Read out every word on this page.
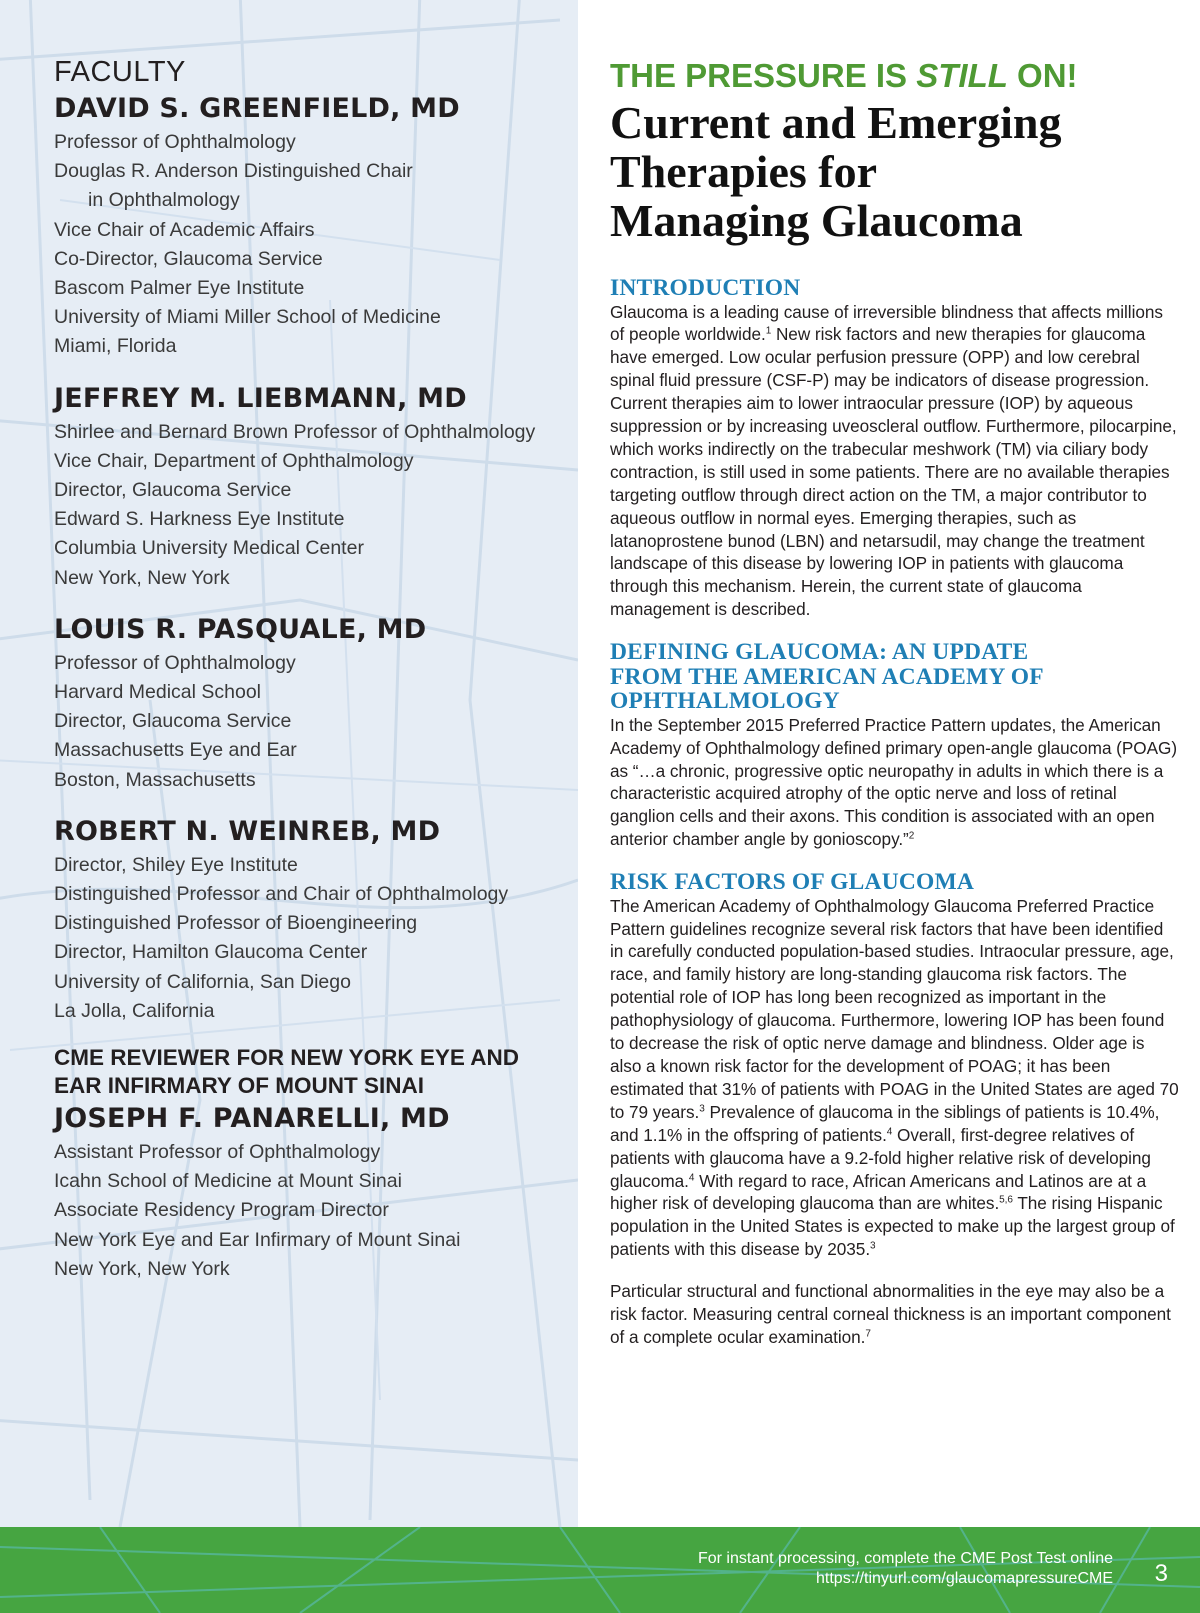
FACULTY
DAVID S. GREENFIELD, MD
Professor of Ophthalmology
Douglas R. Anderson Distinguished Chair
in Ophthalmology
Vice Chair of Academic Affairs
Co-Director, Glaucoma Service
Bascom Palmer Eye Institute
University of Miami Miller School of Medicine
Miami, Florida
JEFFREY M. LIEBMANN, MD
Shirlee and Bernard Brown Professor of Ophthalmology
Vice Chair, Department of Ophthalmology
Director, Glaucoma Service
Edward S. Harkness Eye Institute
Columbia University Medical Center
New York, New York
LOUIS R. PASQUALE, MD
Professor of Ophthalmology
Harvard Medical School
Director, Glaucoma Service
Massachusetts Eye and Ear
Boston, Massachusetts
ROBERT N. WEINREB, MD
Director, Shiley Eye Institute
Distinguished Professor and Chair of Ophthalmology
Distinguished Professor of Bioengineering
Director, Hamilton Glaucoma Center
University of California, San Diego
La Jolla, California
CME REVIEWER FOR NEW YORK EYE AND
EAR INFIRMARY OF MOUNT SINAI
JOSEPH F. PANARELLI, MD
Assistant Professor of Ophthalmology
Icahn School of Medicine at Mount Sinai
Associate Residency Program Director
New York Eye and Ear Infirmary of Mount Sinai
New York, New York
THE PRESSURE IS STILL ON!
Current and Emerging
Therapies for
Managing Glaucoma
INTRODUCTION

Glaucoma is a leading cause of irreversible blindness that affects millions of people worldwide.$^1$ New risk factors and new therapies for glaucoma have emerged. Low ocular perfusion pressure (OPP) and low cerebral spinal fluid pressure (CSF-P) may be indicators of disease progression. Current therapies aim to lower intraocular pressure (IOP) by aqueous suppression or by increasing uveoscleral outflow. Furthermore, pilocarpine, which works indirectly on the trabecular meshwork (TM) via ciliary body contraction, is still used in some patients. There are no available therapies targeting outflow through direct action on the TM, a major contributor to aqueous outflow in normal eyes. Emerging therapies, such as latanoprostene bunod (LBN) and netarsudil, may change the treatment landscape of this disease by lowering IOP in patients with glaucoma through this mechanism. Herein, the current state of glaucoma management is described.

DEFINING GLAUCOMA: AN UPDATE
FROM THE AMERICAN ACADEMY OF
OPHTHALMOLOGY

In the September 2015 Preferred Practice Pattern updates, the American Academy of Ophthalmology defined primary open-angle glaucoma (POAG) as “…a chronic, progressive optic neuropathy in adults in which there is a characteristic acquired atrophy of the optic nerve and loss of retinal ganglion cells and their axons. This condition is associated with an open anterior chamber angle by gonioscopy.”$^2$

RISK FACTORS OF GLAUCOMA

The American Academy of Ophthalmology Glaucoma Preferred Practice Pattern guidelines recognize several risk factors that have been identified in carefully conducted population-based studies. Intraocular pressure, age, race, and family history are long-standing glaucoma risk factors. The potential role of IOP has long been recognized as important in the pathophysiology of glaucoma. Furthermore, lowering IOP has been found to decrease the risk of optic nerve damage and blindness. Older age is also a known risk factor for the development of POAG; it has been estimated that 31% of patients with POAG in the United States are aged 70 to 79 years.$^3$ Prevalence of glaucoma in the siblings of patients is 10.4%, and 1.1% in the offspring of patients.$^4$ Overall, first-degree relatives of patients with glaucoma have a 9.2-fold higher relative risk of developing glaucoma.$^4$ With regard to race, African Americans and Latinos are at a higher risk of developing glaucoma than are whites.$^{5,6}$ The rising Hispanic population in the United States is expected to make up the largest group of patients with this disease by 2035.$^3$

Particular structural and functional abnormalities in the eye may also be a risk factor. Measuring central corneal thickness is an important component of a complete ocular examination.$^7$

For instant processing, complete the CME Post Test online
https://tinyurl.com/glaucomapressureCME 3
